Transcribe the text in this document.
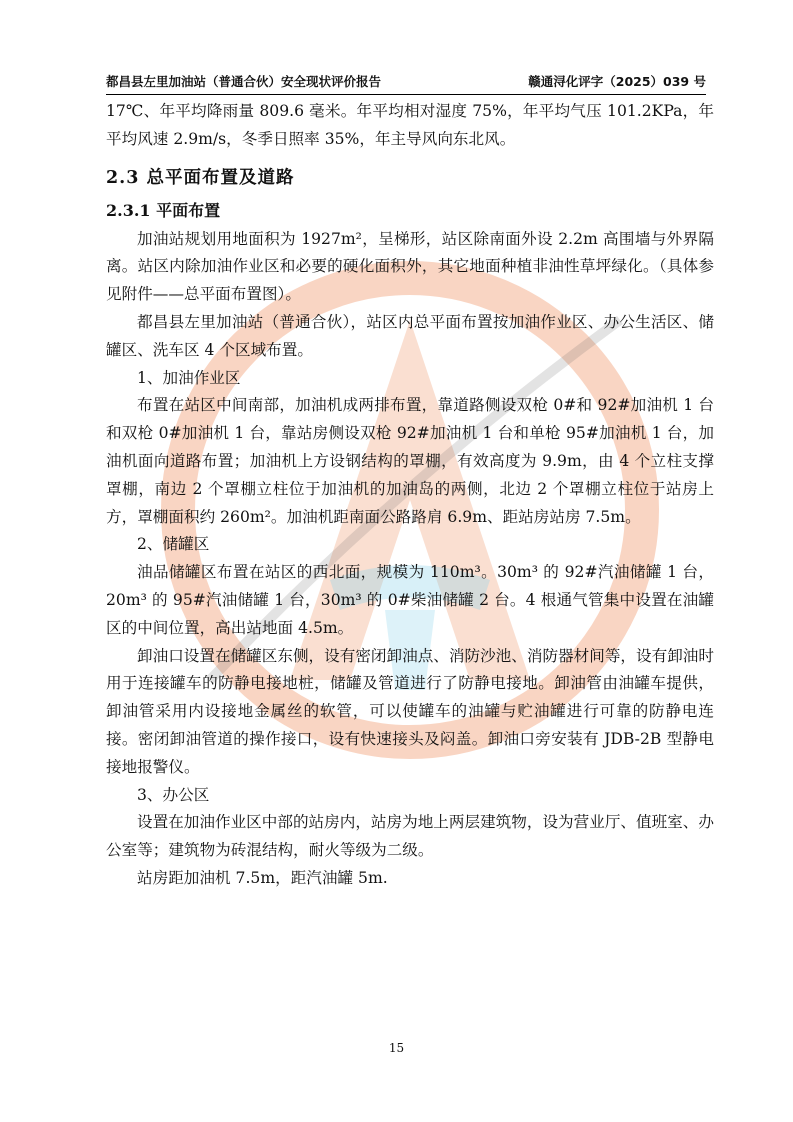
都昌县左里加油站（普通合伙）安全现状评价报告	赣通浔化评字（2025）039 号

17℃、年平均降雨量 809.6 毫米。年平均相对湿度 75%，年平均气压 101.2KPa，年平均风速 2.9m/s，冬季日照率 35%，年主导风向东北风。

2.3 总平面布置及道路
2.3.1 平面布置

加油站规划用地面积为 1927m²，呈梯形，站区除南面外设 2.2m 高围墙与外界隔离。站区内除加油作业区和必要的硬化面积外，其它地面种植非油性草坪绿化。（具体参见附件——总平面布置图）。

都昌县左里加油站（普通合伙），站区内总平面布置按加油作业区、办公生活区、储罐区、洗车区 4 个区域布置。

1、加油作业区

布置在站区中间南部，加油机成两排布置，靠道路侧设双枪 0#和 92#加油机 1 台和双枪 0#加油机 1 台，靠站房侧设双枪 92#加油机 1 台和单枪 95#加油机 1 台，加油机面向道路布置；加油机上方设钢结构的罩棚，有效高度为 9.9m，由 4 个立柱支撑罩棚，南边 2 个罩棚立柱位于加油机的加油岛的两侧，北边 2 个罩棚立柱位于站房上方，罩棚面积约 260m²。加油机距南面公路路肩 6.9m、距站房站房 7.5m。

2、储罐区

油品储罐区布置在站区的西北面，规模为 110m³。30m³ 的 92#汽油储罐 1 台，20m³ 的 95#汽油储罐 1 台，30m³ 的 0#柴油储罐 2 台。4 根通气管集中设置在油罐区的中间位置，高出站地面 4.5m。

卸油口设置在储罐区东侧，设有密闭卸油点、消防沙池、消防器材间等，设有卸油时用于连接罐车的防静电接地桩，储罐及管道进行了防静电接地。卸油管由油罐车提供，卸油管采用内设接地金属丝的软管，可以使罐车的油罐与贮油罐进行可靠的防静电连接。密闭卸油管道的操作接口，设有快速接头及闷盖。卸油口旁安装有 JDB-2B 型静电接地报警仪。

3、办公区

设置在加油作业区中部的站房内，站房为地上两层建筑物，设为营业厅、值班室、办公室等；建筑物为砖混结构，耐火等级为二级。

站房距加油机 7.5m，距汽油罐 5m.

15
